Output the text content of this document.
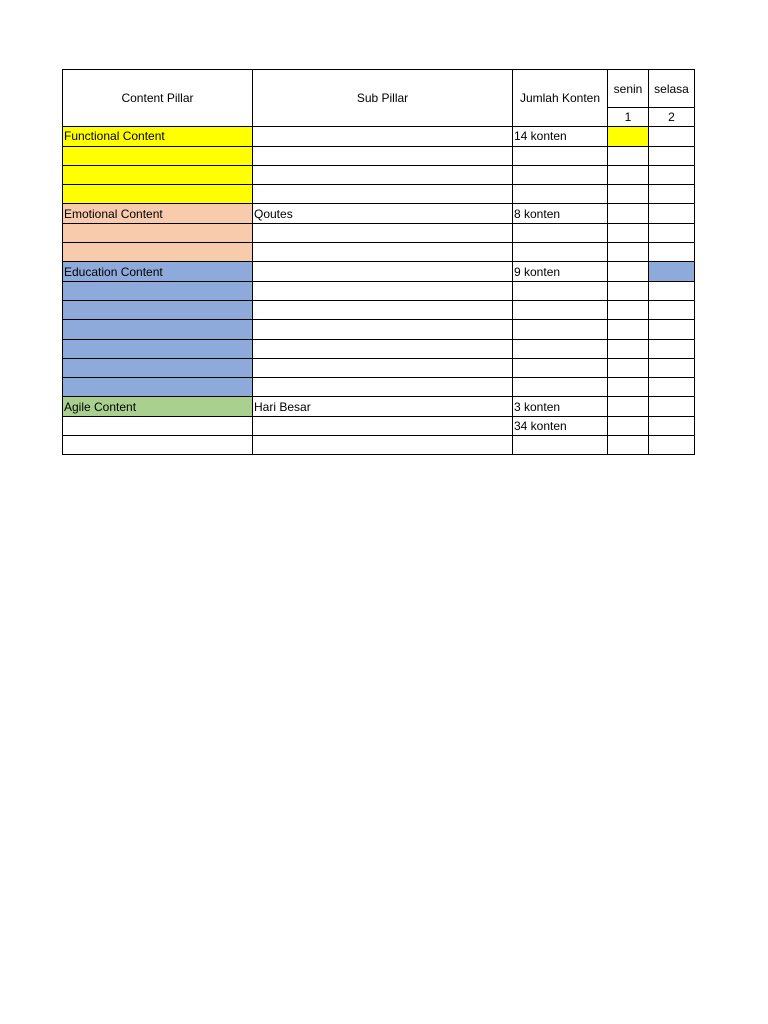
Content Pillar	Sub Pillar	Jumlah Konten	senin	selasa
			1	2
Functional Content		14 konten		

Emotional Content	Qoutes	8 konten		

Education Content		9 konten		

Agile Content	Hari Besar	3 konten		
		34 konten		
